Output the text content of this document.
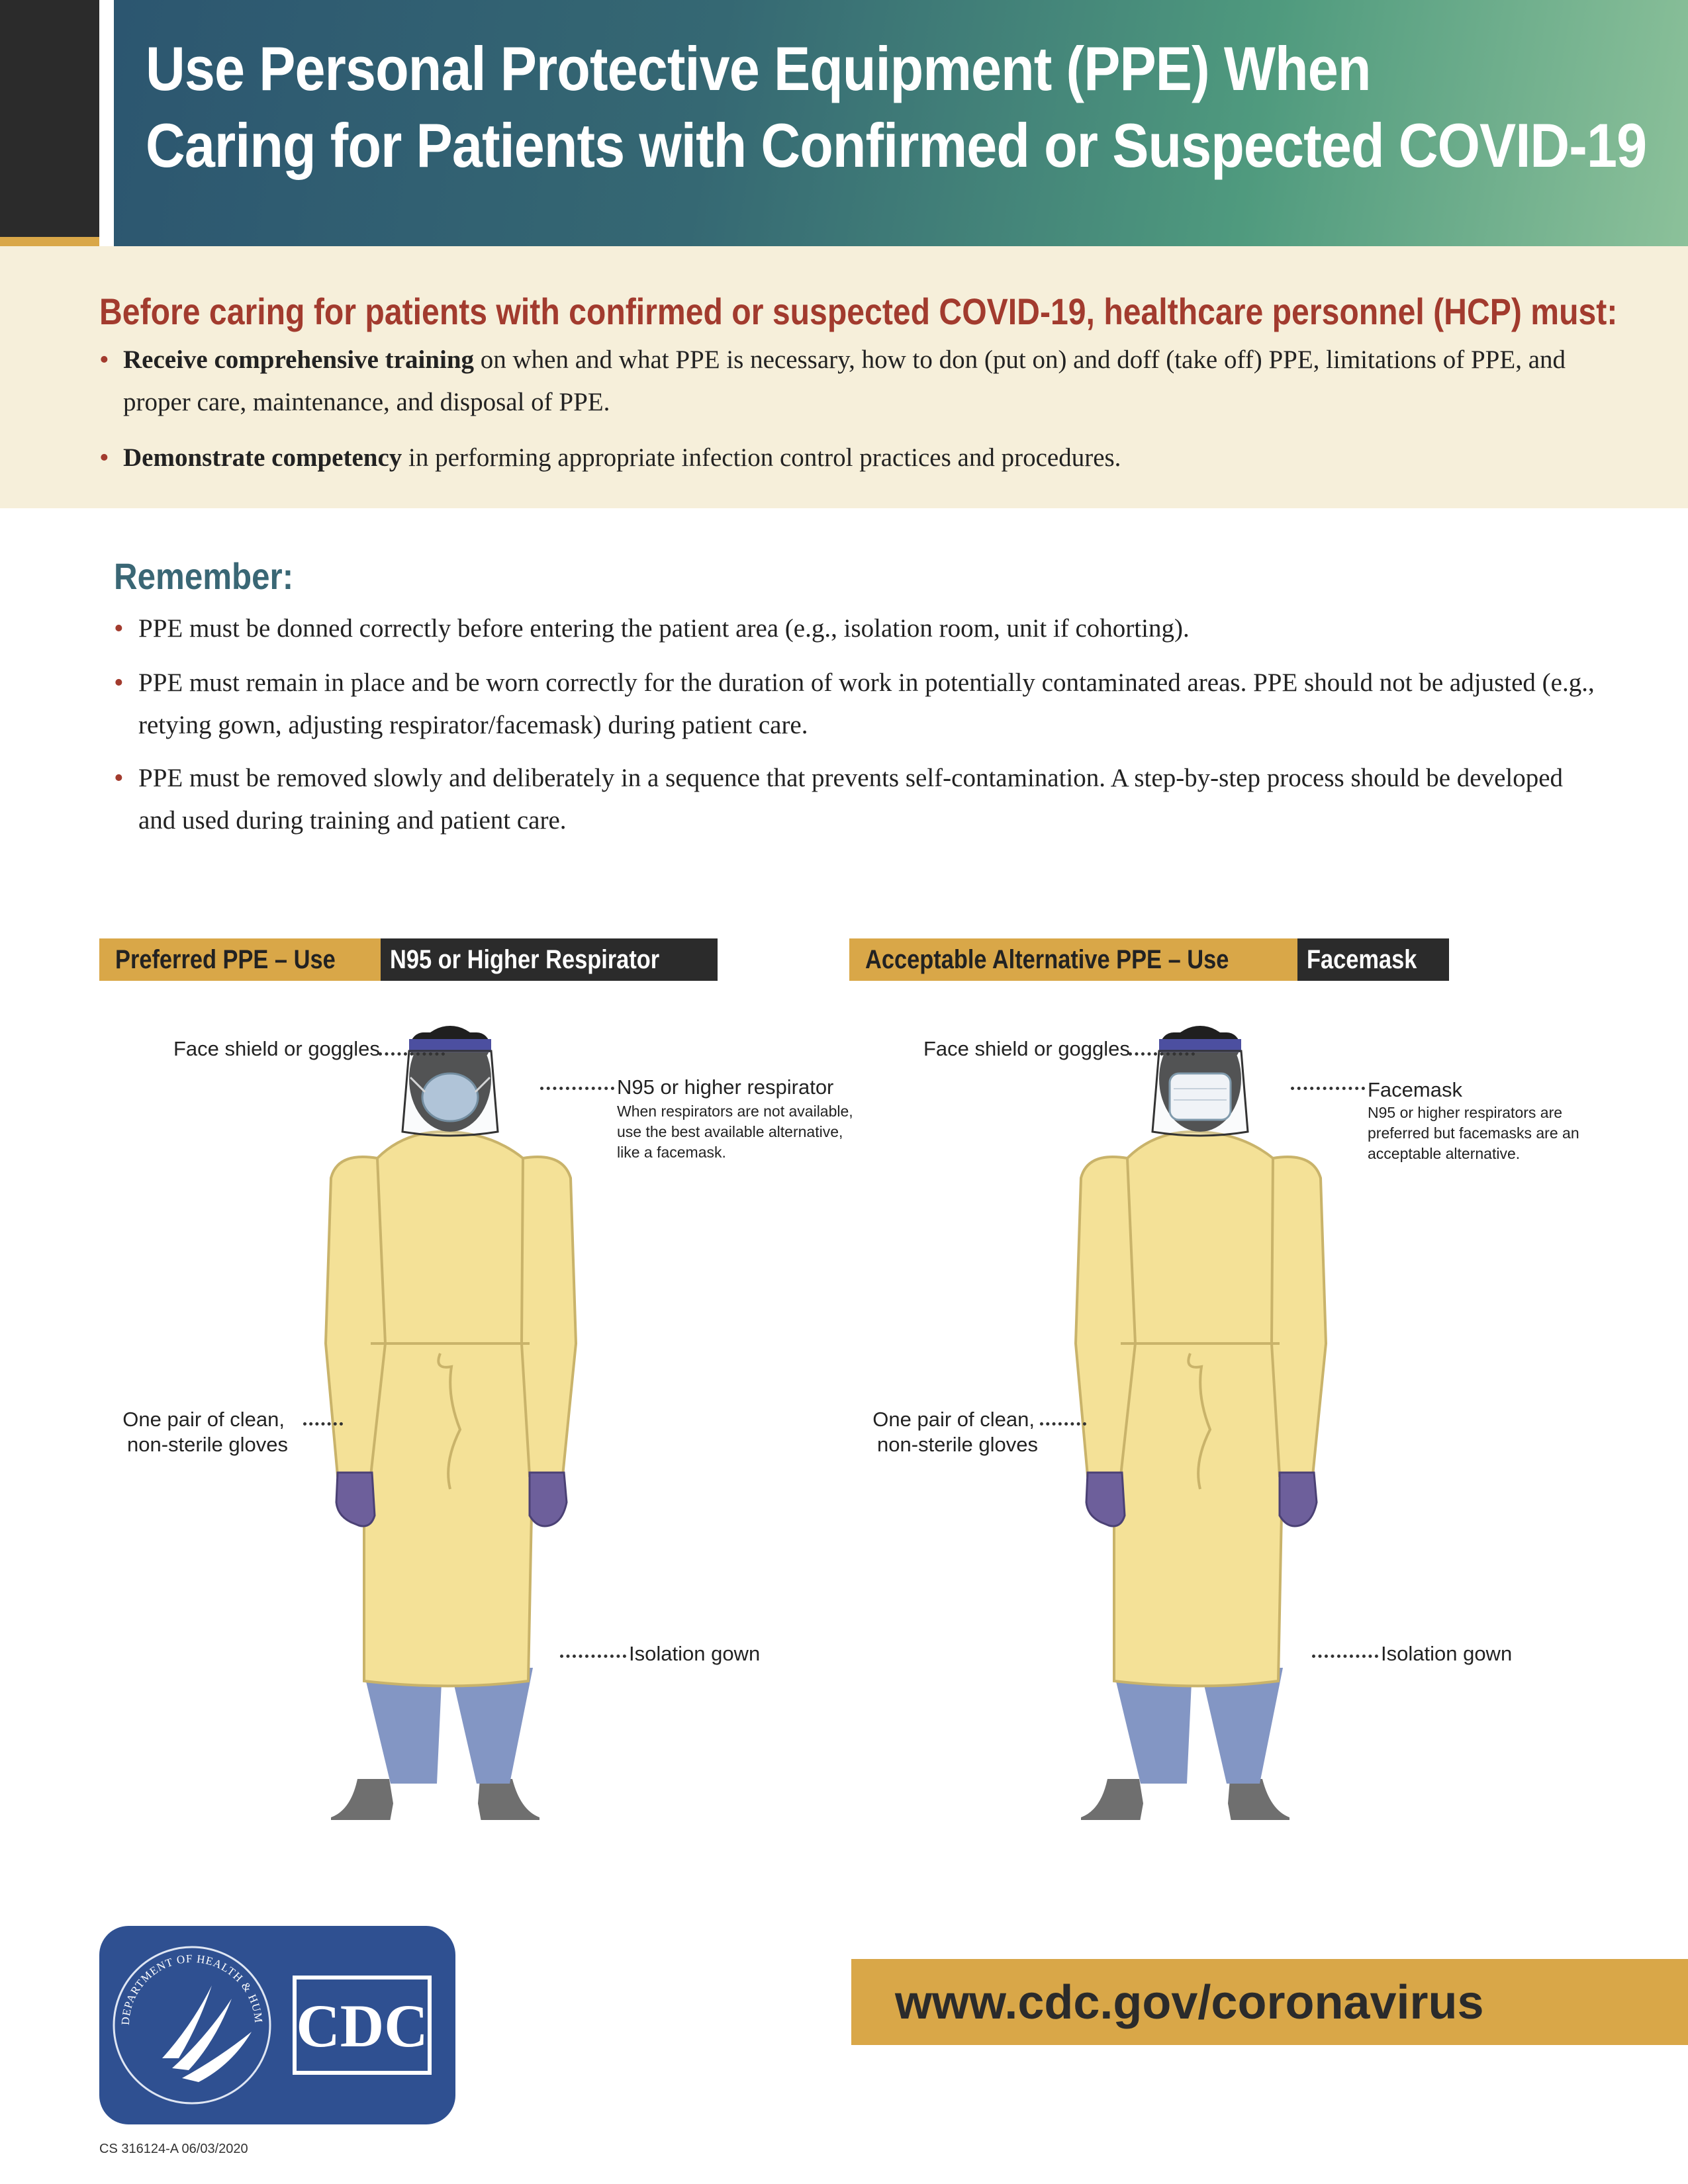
Use Personal Protective Equipment (PPE) When
Caring for Patients with Confirmed or Suspected COVID-19
Before caring for patients with confirmed or suspected COVID-19, healthcare personnel (HCP) must:
• Receive comprehensive training on when and what PPE is necessary, how to don (put on) and doff (take off) PPE, limitations of PPE, and proper care, maintenance, and disposal of PPE.
• Demonstrate competency in performing appropriate infection control practices and procedures.
Remember:
• PPE must be donned correctly before entering the patient area (e.g., isolation room, unit if cohorting).
• PPE must remain in place and be worn correctly for the duration of work in potentially contaminated areas. PPE should not be adjusted (e.g., retying gown, adjusting respirator/facemask) during patient care.
• PPE must be removed slowly and deliberately in a sequence that prevents self-contamination. A step-by-step process should be developed and used during training and patient care.
Preferred PPE – Use	N95 or Higher Respirator	Acceptable Alternative PPE – Use	Facemask
Face shield or goggles
N95 or higher respirator
When respirators are not available, use the best available alternative, like a facemask.
One pair of clean,
non-sterile gloves
Isolation gown
Face shield or goggles
Facemask
N95 or higher respirators are preferred but facemasks are an acceptable alternative.
One pair of clean,
non-sterile gloves
Isolation gown
DEPARTMENT OF HEALTH & HUM CDC	www.cdc.gov/coronavirus
CS 316124-A 06/03/2020
